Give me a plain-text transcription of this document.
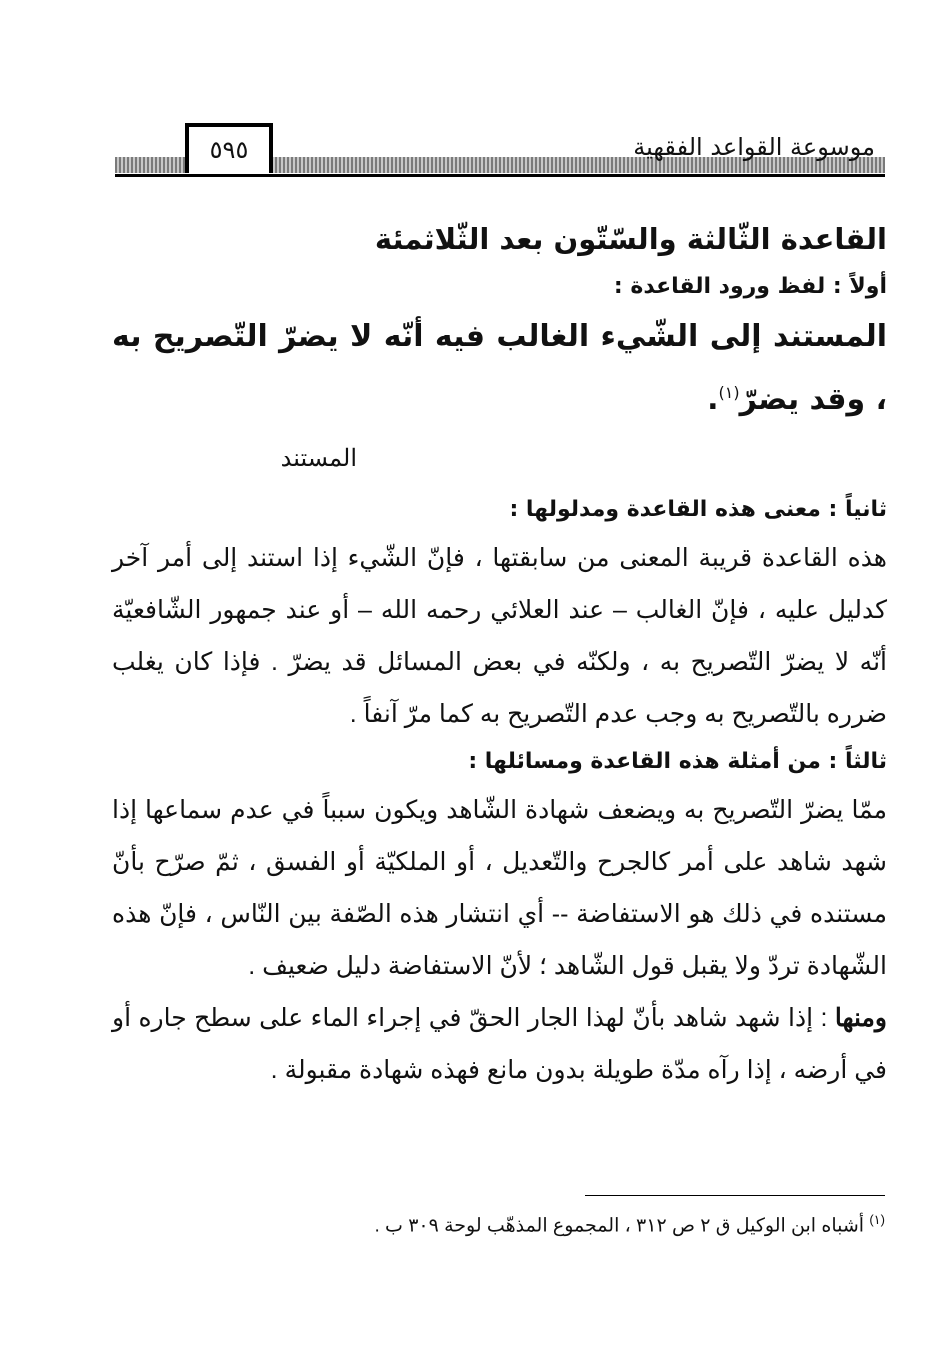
٥٩٥	موسوعة القواعد الفقهية
القاعدة الثّالثة والسّتّون بعد الثّلاثمئة

أولاً : لفظ ورود القاعدة :

المستند إلى الشّيء الغالب فيه أنّه لا يضرّ التّصريح به ، وقد يضرّ$^{(١)}$.

المستند

ثانياً : معنى هذه القاعدة ومدلولها :

هذه القاعدة قريبة المعنى من سابقتها ، فإنّ الشّيء إذا استند إلى أمر آخر كدليل عليه ، فإنّ الغالب – عند العلائي رحمه الله – أو عند جمهور الشّافعيّة أنّه لا يضرّ التّصريح به ، ولكنّه في بعض المسائل قد يضرّ . فإذا كان يغلب ضرره بالتّصريح به وجب عدم التّصريح به كما مرّ آنفاً .

ثالثاً : من أمثلة هذه القاعدة ومسائلها :

ممّا يضرّ التّصريح به ويضعف شهادة الشّاهد ويكون سبباً في عدم سماعها إذا شهد شاهد على أمر كالجرح والتّعديل ، أو الملكيّة أو الفسق ، ثمّ صرّح بأنّ مستنده في ذلك هو الاستفاضة -- أي انتشار هذه الصّفة بين النّاس ، فإنّ هذه الشّهادة تردّ ولا يقبل قول الشّاهد ؛ لأنّ الاستفاضة دليل ضعيف .

ومنها : إذا شهد شاهد بأنّ لهذا الجار الحقّ في إجراء الماء على سطح جاره أو في أرضه ، إذا رآه مدّة طويلة بدون مانع فهذه شهادة مقبولة .

$^{(١)}$ أشباه ابن الوكيل ق ٢ ص ٣١٢ ، المجموع المذهّب لوحة ٣٠٩ ب .
